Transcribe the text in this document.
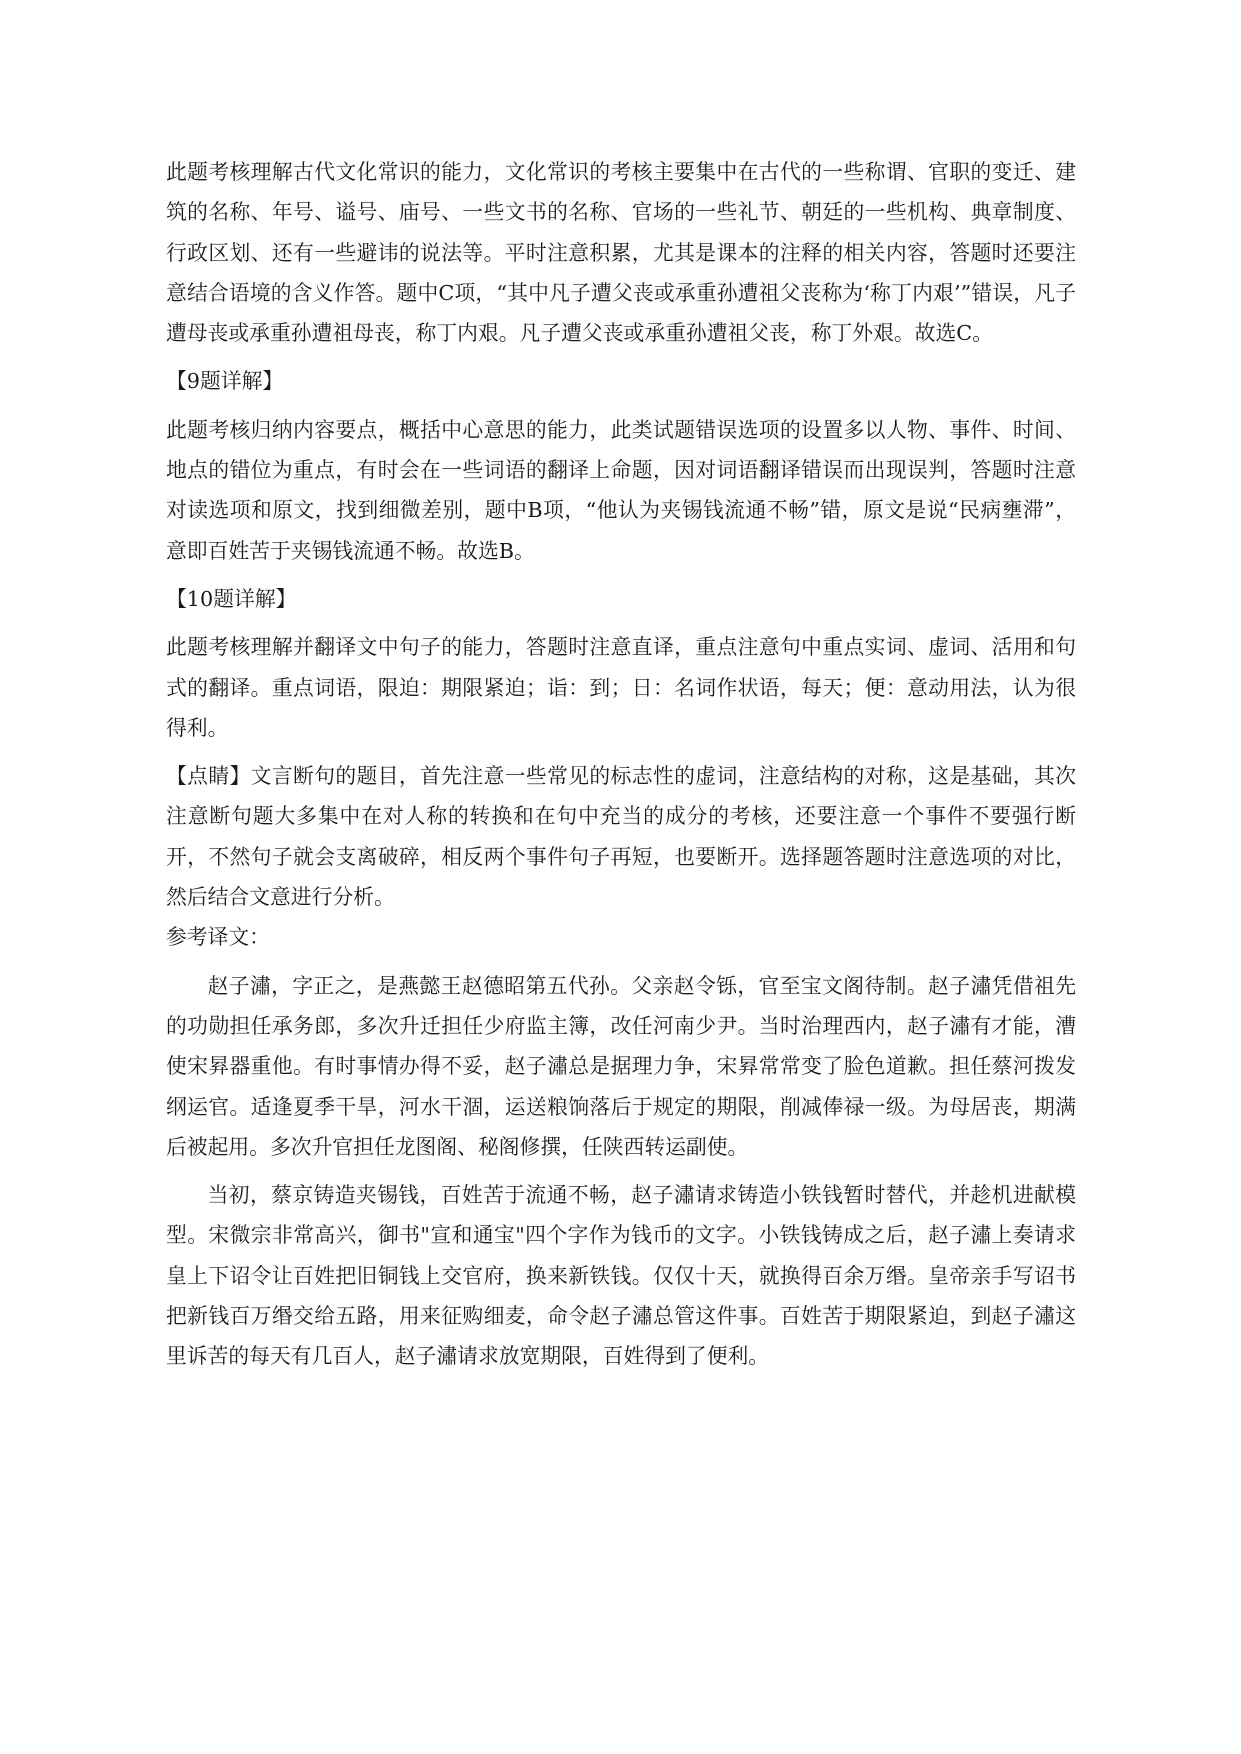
此题考核理解古代文化常识的能力，文化常识的考核主要集中在古代的一些称谓、官职的变迁、建筑的名称、年号、谥号、庙号、一些文书的名称、官场的一些礼节、朝廷的一些机构、典章制度、行政区划、还有一些避讳的说法等。平时注意积累，尤其是课本的注释的相关内容，答题时还要注意结合语境的含义作答。题中C项，“其中凡子遭父丧或承重孙遭祖父丧称为‘称丁内艰’”错误，凡子遭母丧或承重孙遭祖母丧，称丁内艰。凡子遭父丧或承重孙遭祖父丧，称丁外艰。故选C。

【9题详解】

此题考核归纳内容要点，概括中心意思的能力，此类试题错误选项的设置多以人物、事件、时间、地点的错位为重点，有时会在一些词语的翻译上命题，因对词语翻译错误而出现误判，答题时注意对读选项和原文，找到细微差别，题中B项，“他认为夹锡钱流通不畅”错，原文是说“民病壅滞”，意即百姓苦于夹锡钱流通不畅。故选B。

【10题详解】

此题考核理解并翻译文中句子的能力，答题时注意直译，重点注意句中重点实词、虚词、活用和句式的翻译。重点词语，限迫：期限紧迫；诣：到；日：名词作状语，每天；便：意动用法，认为很得利。

【点睛】文言断句的题目，首先注意一些常见的标志性的虚词，注意结构的对称，这是基础，其次注意断句题大多集中在对人称的转换和在句中充当的成分的考核，还要注意一个事件不要强行断开，不然句子就会支离破碎，相反两个事件句子再短，也要断开。选择题答题时注意选项的对比，然后结合文意进行分析。

参考译文：

赵子潚，字正之，是燕懿王赵德昭第五代孙。父亲赵令铄，官至宝文阁待制。赵子潚凭借祖先的功勋担任承务郎，多次升迁担任少府监主簿，改任河南少尹。当时治理西内，赵子潚有才能，漕使宋昪器重他。有时事情办得不妥，赵子潚总是据理力争，宋昪常常变了脸色道歉。担任蔡河拨发纲运官。适逢夏季干旱，河水干涸，运送粮饷落后于规定的期限，削减俸禄一级。为母居丧，期满后被起用。多次升官担任龙图阁、秘阁修撰，任陕西转运副使。

当初，蔡京铸造夹锡钱，百姓苦于流通不畅，赵子潚请求铸造小铁钱暂时替代，并趁机进献模型。宋微宗非常高兴，御书"宣和通宝"四个字作为钱币的文字。小铁钱铸成之后，赵子潚上奏请求皇上下诏令让百姓把旧铜钱上交官府，换来新铁钱。仅仅十天，就换得百余万缗。皇帝亲手写诏书把新钱百万缗交给五路，用来征购细麦，命令赵子潚总管这件事。百姓苦于期限紧迫，到赵子潚这里诉苦的每天有几百人，赵子潚请求放宽期限，百姓得到了便利。
